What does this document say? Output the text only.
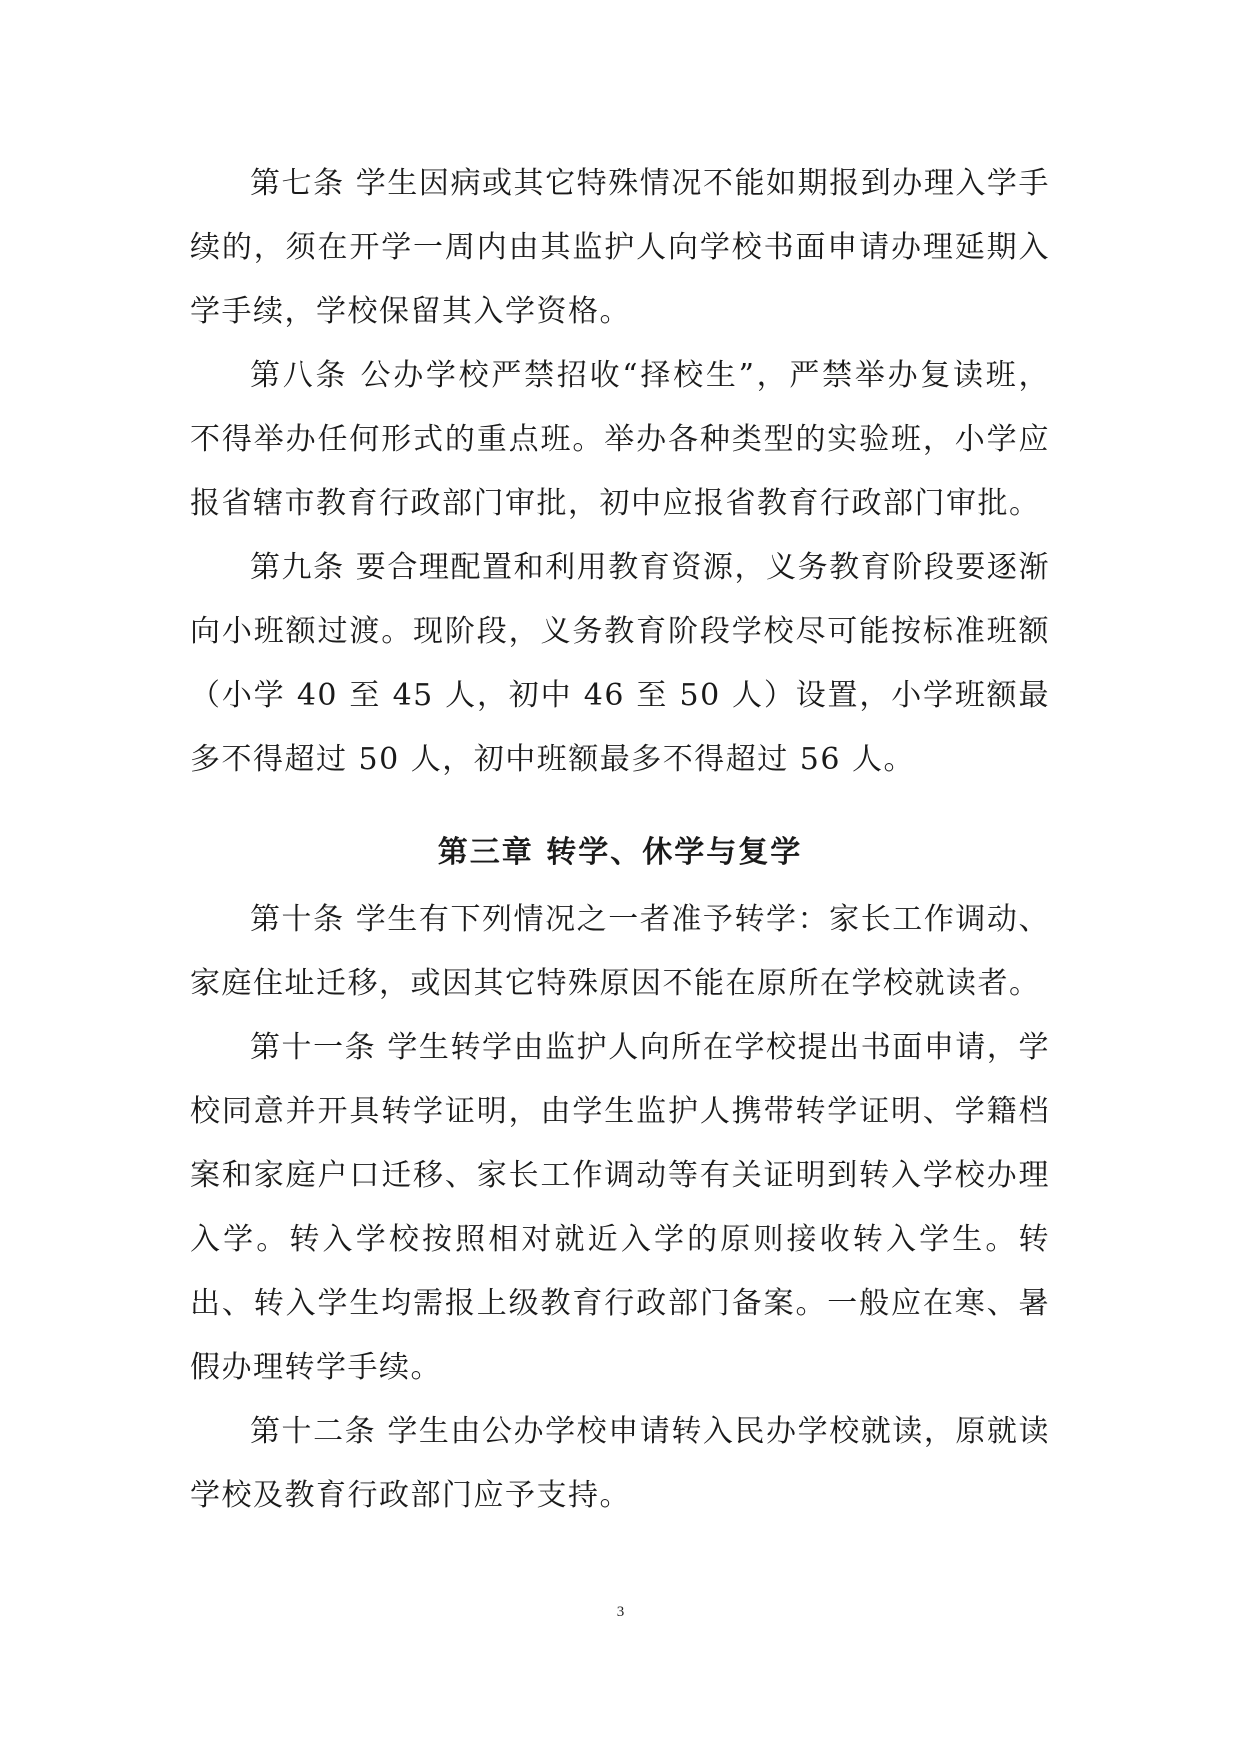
第七条 学生因病或其它特殊情况不能如期报到办理入学手续的，须在开学一周内由其监护人向学校书面申请办理延期入学手续，学校保留其入学资格。

第八条 公办学校严禁招收“择校生”，严禁举办复读班，不得举办任何形式的重点班。举办各种类型的实验班，小学应报省辖市教育行政部门审批，初中应报省教育行政部门审批。

第九条 要合理配置和利用教育资源，义务教育阶段要逐渐向小班额过渡。现阶段，义务教育阶段学校尽可能按标准班额（小学 40 至 45 人，初中 46 至 50 人）设置，小学班额最多不得超过 50 人，初中班额最多不得超过 56 人。

第三章 转学、休学与复学

第十条 学生有下列情况之一者准予转学：家长工作调动、家庭住址迁移，或因其它特殊原因不能在原所在学校就读者。

第十一条 学生转学由监护人向所在学校提出书面申请，学校同意并开具转学证明，由学生监护人携带转学证明、学籍档案和家庭户口迁移、家长工作调动等有关证明到转入学校办理入学。转入学校按照相对就近入学的原则接收转入学生。转出、转入学生均需报上级教育行政部门备案。一般应在寒、暑假办理转学手续。

第十二条 学生由公办学校申请转入民办学校就读，原就读学校及教育行政部门应予支持。

3
